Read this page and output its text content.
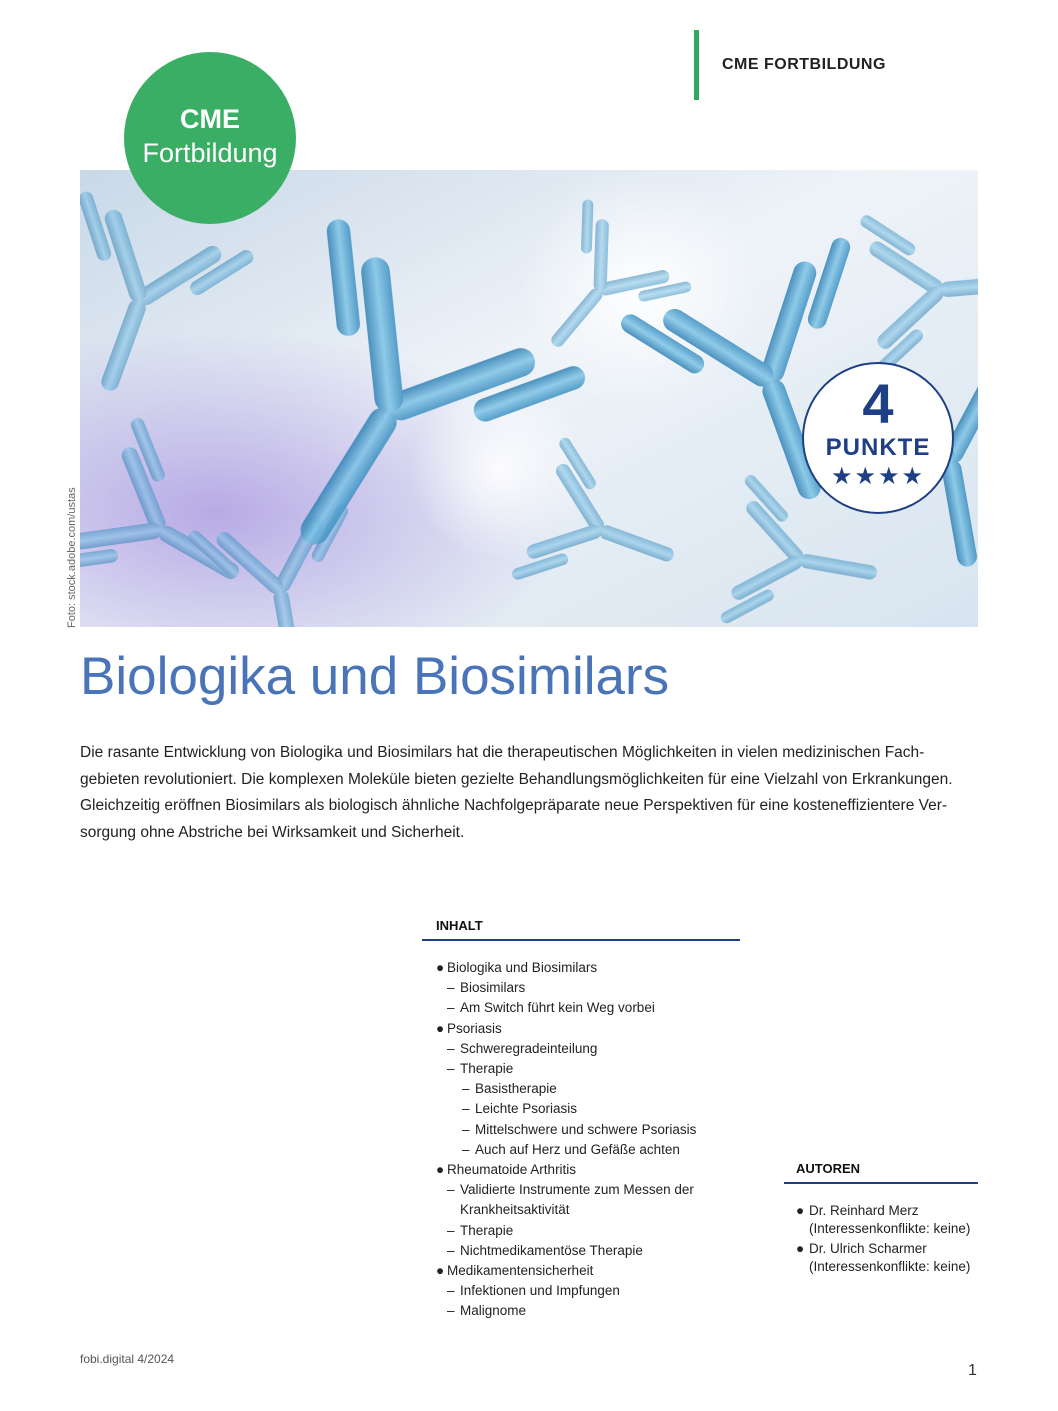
CME FORTBILDUNG
CME
Fortbildung
4
PUNKTE
★★★★
Foto: stock.adobe.com/ustas
Biologika und Biosimilars

Die rasante Entwicklung von Biologika und Biosimilars hat die therapeutischen Möglichkeiten in vielen medizinischen Fach-

gebieten revolutioniert. Die komplexen Moleküle bieten gezielte Behandlungsmöglichkeiten für eine Vielzahl von Erkrankungen.

Gleichzeitig eröffnen Biosimilars als biologisch ähnliche Nachfolgepräparate neue Perspektiven für eine kosteneffizientere Ver-

sorgung ohne Abstriche bei Wirksamkeit und Sicherheit.

INHALT
● Biologika und Biosimilars
– Biosimilars
– Am Switch führt kein Weg vorbei
● Psoriasis
– Schweregradeinteilung
– Therapie
– Basistherapie
– Leichte Psoriasis
– Mittelschwere und schwere Psoriasis
– Auch auf Herz und Gefäße achten
● Rheumatoide Arthritis
– Validierte Instrumente zum Messen der Krankheitsaktivität
– Therapie
– Nichtmedikamentöse Therapie
● Medikamentensicherheit
– Infektionen und Impfungen
– Malignome
AUTOREN
● Dr. Reinhard Merz (Interessenkonflikte: keine)
● Dr. Ulrich Scharmer (Interessenkonflikte: keine)
fobi.digital 4/2024
1
